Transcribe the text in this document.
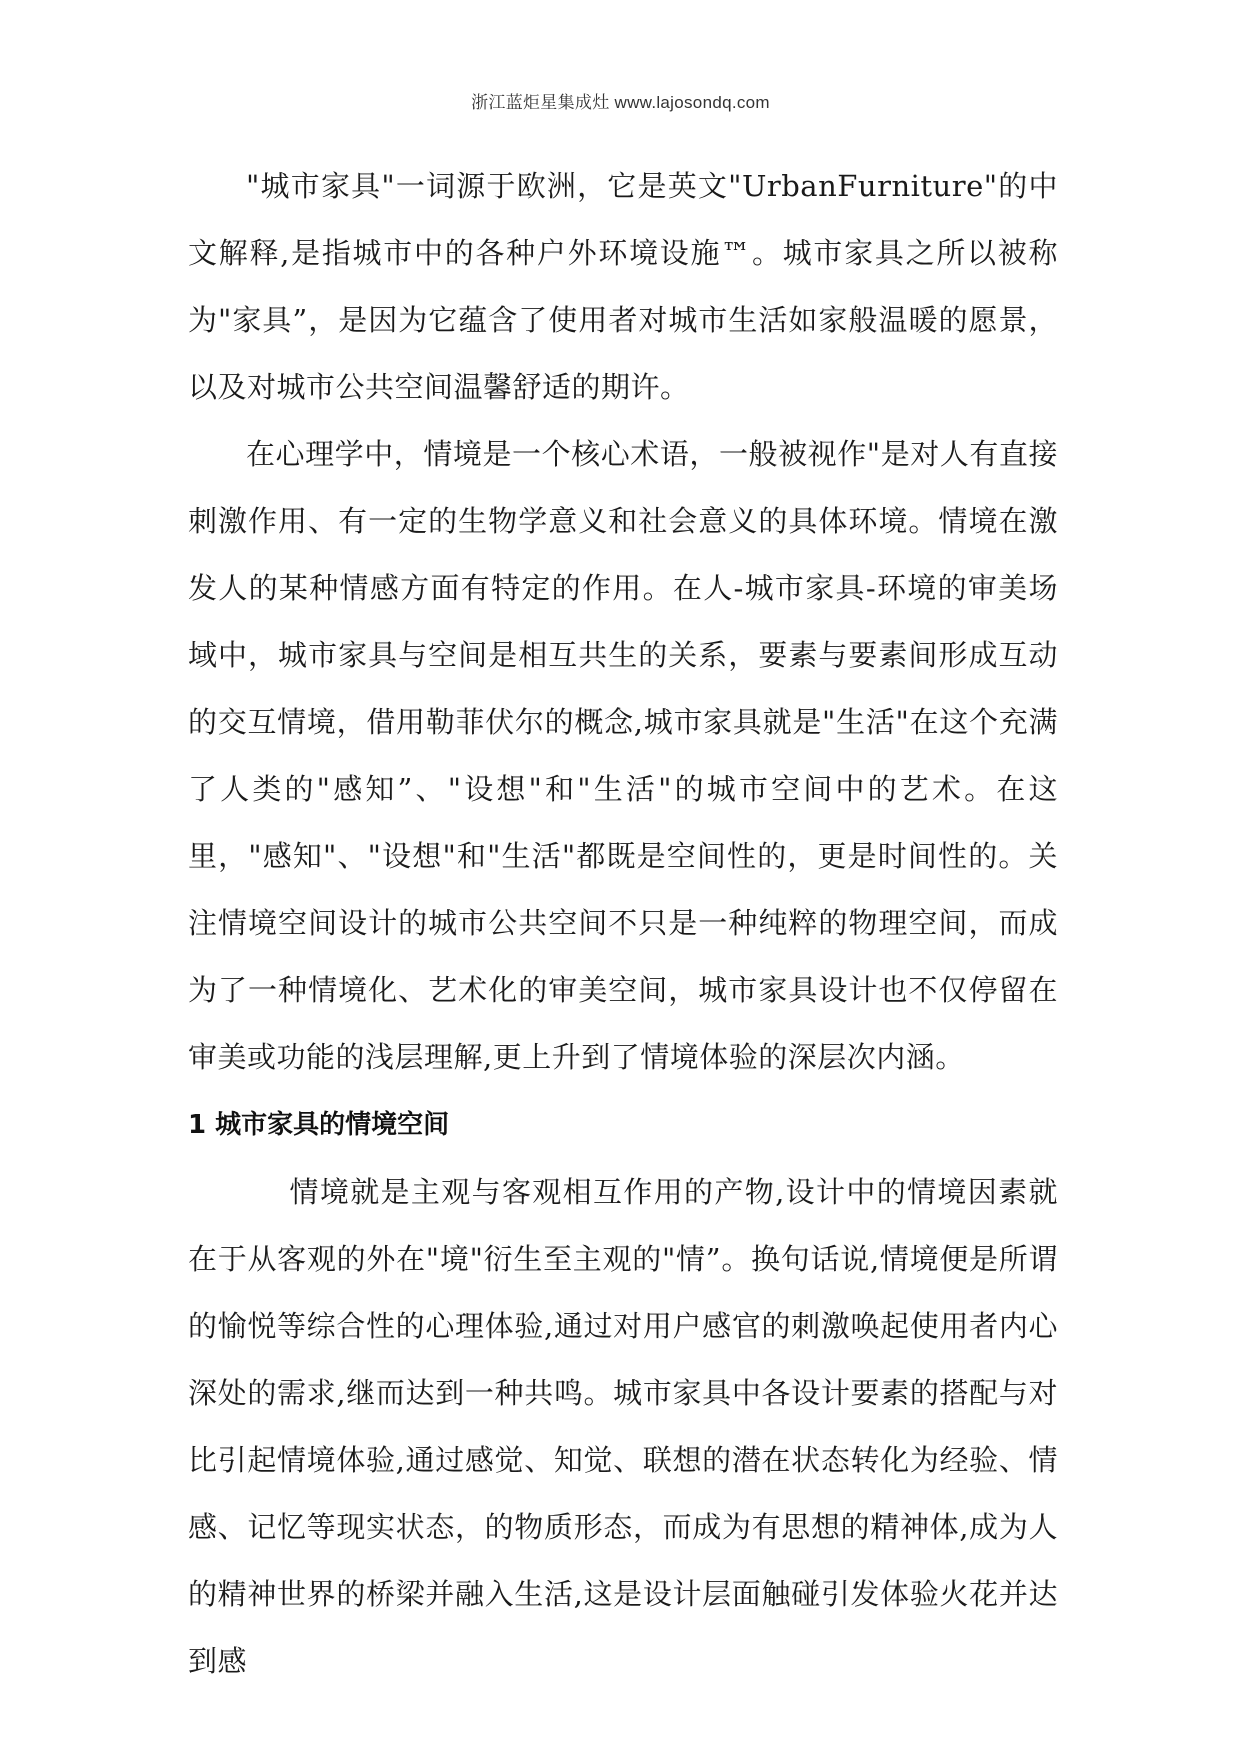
浙江蓝炬星集成灶 www.lajosondq.com

"城市家具"一词源于欧洲，它是英文"UrbanFurniture"的中文解释,是指城市中的各种户外环境设施™。城市家具之所以被称为"家具”，是因为它蕴含了使用者对城市生活如家般温暖的愿景，以及对城市公共空间温馨舒适的期许。

在心理学中，情境是一个核心术语，一般被视作"是对人有直接刺激作用、有一定的生物学意义和社会意义的具体环境。情境在激发人的某种情感方面有特定的作用。在人-城市家具-环境的审美场域中，城市家具与空间是相互共生的关系，要素与要素间形成互动的交互情境，借用勒菲伏尔的概念,城市家具就是"生活"在这个充满了人类的"感知”、"设想"和"生活"的城市空间中的艺术。在这里，"感知"、"设想"和"生活"都既是空间性的，更是时间性的。关注情境空间设计的城市公共空间不只是一种纯粹的物理空间，而成为了一种情境化、艺术化的审美空间，城市家具设计也不仅停留在审美或功能的浅层理解,更上升到了情境体验的深层次内涵。

1 城市家具的情境空间

情境就是主观与客观相互作用的产物,设计中的情境因素就在于从客观的外在"境"衍生至主观的"情”。换句话说,情境便是所谓的愉悦等综合性的心理体验,通过对用户感官的刺激唤起使用者内心深处的需求,继而达到一种共鸣。城市家具中各设计要素的搭配与对比引起情境体验,通过感觉、知觉、联想的潜在状态转化为经验、情感、记忆等现实状态，的物质形态，而成为有思想的精神体,成为人的精神世界的桥梁并融入生活,这是设计层面触碰引发体验火花并达到感
